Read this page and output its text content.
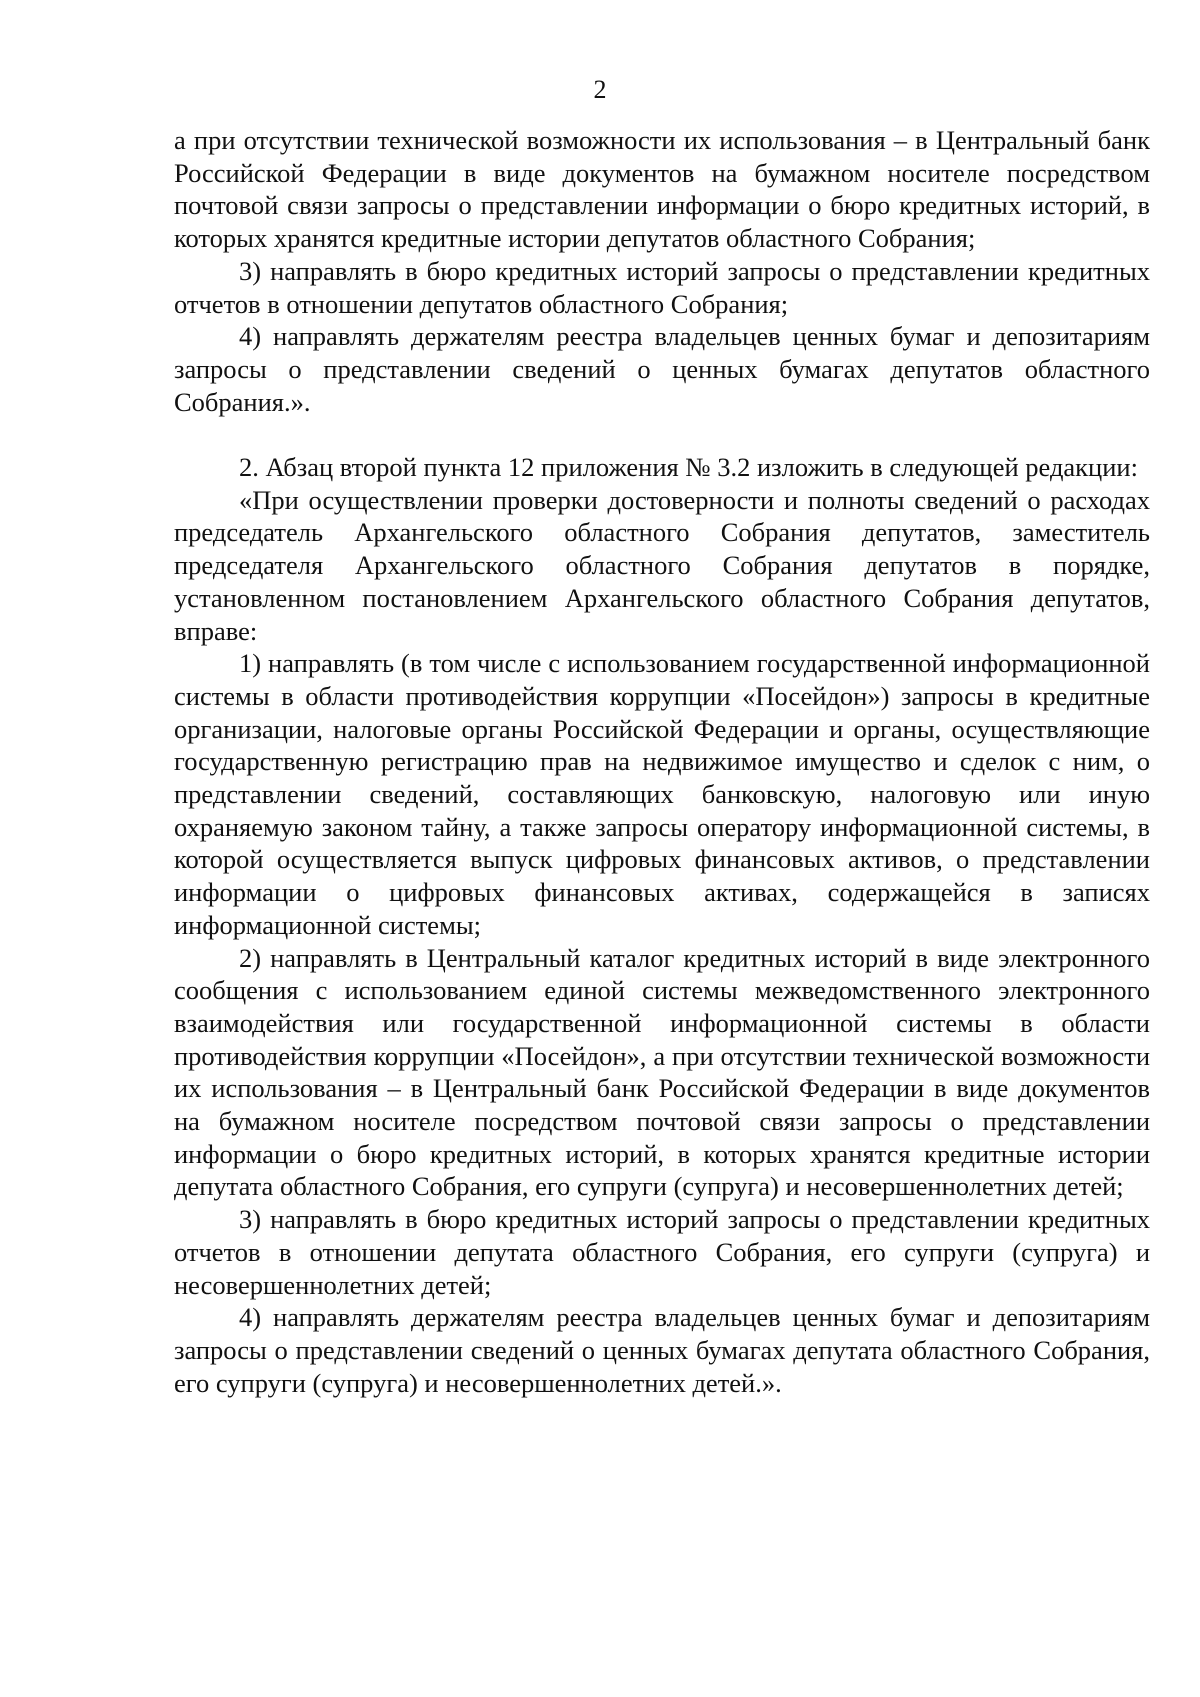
2

а при отсутствии технической возможности их использования – в Центральный банк Российской Федерации в виде документов на бумажном носителе посредством почтовой связи запросы о представлении информации о бюро кредитных историй, в которых хранятся кредитные истории депутатов областного Собрания;

3) направлять в бюро кредитных историй запросы о представлении кредитных отчетов в отношении депутатов областного Собрания;

4) направлять держателям реестра владельцев ценных бумаг и депозитариям запросы о представлении сведений о ценных бумагах депутатов областного Собрания.».

2. Абзац второй пункта 12 приложения № 3.2 изложить в следующей редакции:

«При осуществлении проверки достоверности и полноты сведений о расходах председатель Архангельского областного Собрания депутатов, заместитель председателя Архангельского областного Собрания депутатов в порядке, установленном постановлением Архангельского областного Собрания депутатов, вправе:

1) направлять (в том числе с использованием государственной информационной системы в области противодействия коррупции «Посейдон») запросы в кредитные организации, налоговые органы Российской Федерации и органы, осуществляющие государственную регистрацию прав на недвижимое имущество и сделок с ним, о представлении сведений, составляющих банковскую, налоговую или иную охраняемую законом тайну, а также запросы оператору информационной системы, в которой осуществляется выпуск цифровых финансовых активов, о представлении информации о цифровых финансовых активах, содержащейся в записях информационной системы;

2) направлять в Центральный каталог кредитных историй в виде электронного сообщения с использованием единой системы межведомственного электронного взаимодействия или государственной информационной системы в области противодействия коррупции «Посейдон», а при отсутствии технической возможности их использования – в Центральный банк Российской Федерации в виде документов на бумажном носителе посредством почтовой связи запросы о представлении информации о бюро кредитных историй, в которых хранятся кредитные истории депутата областного Собрания, его супруги (супруга) и несовершеннолетних детей;

3) направлять в бюро кредитных историй запросы о представлении кредитных отчетов в отношении депутата областного Собрания, его супруги (супруга) и несовершеннолетних детей;

4) направлять держателям реестра владельцев ценных бумаг и депозитариям запросы о представлении сведений о ценных бумагах депутата областного Собрания, его супруги (супруга) и несовершеннолетних детей.».
